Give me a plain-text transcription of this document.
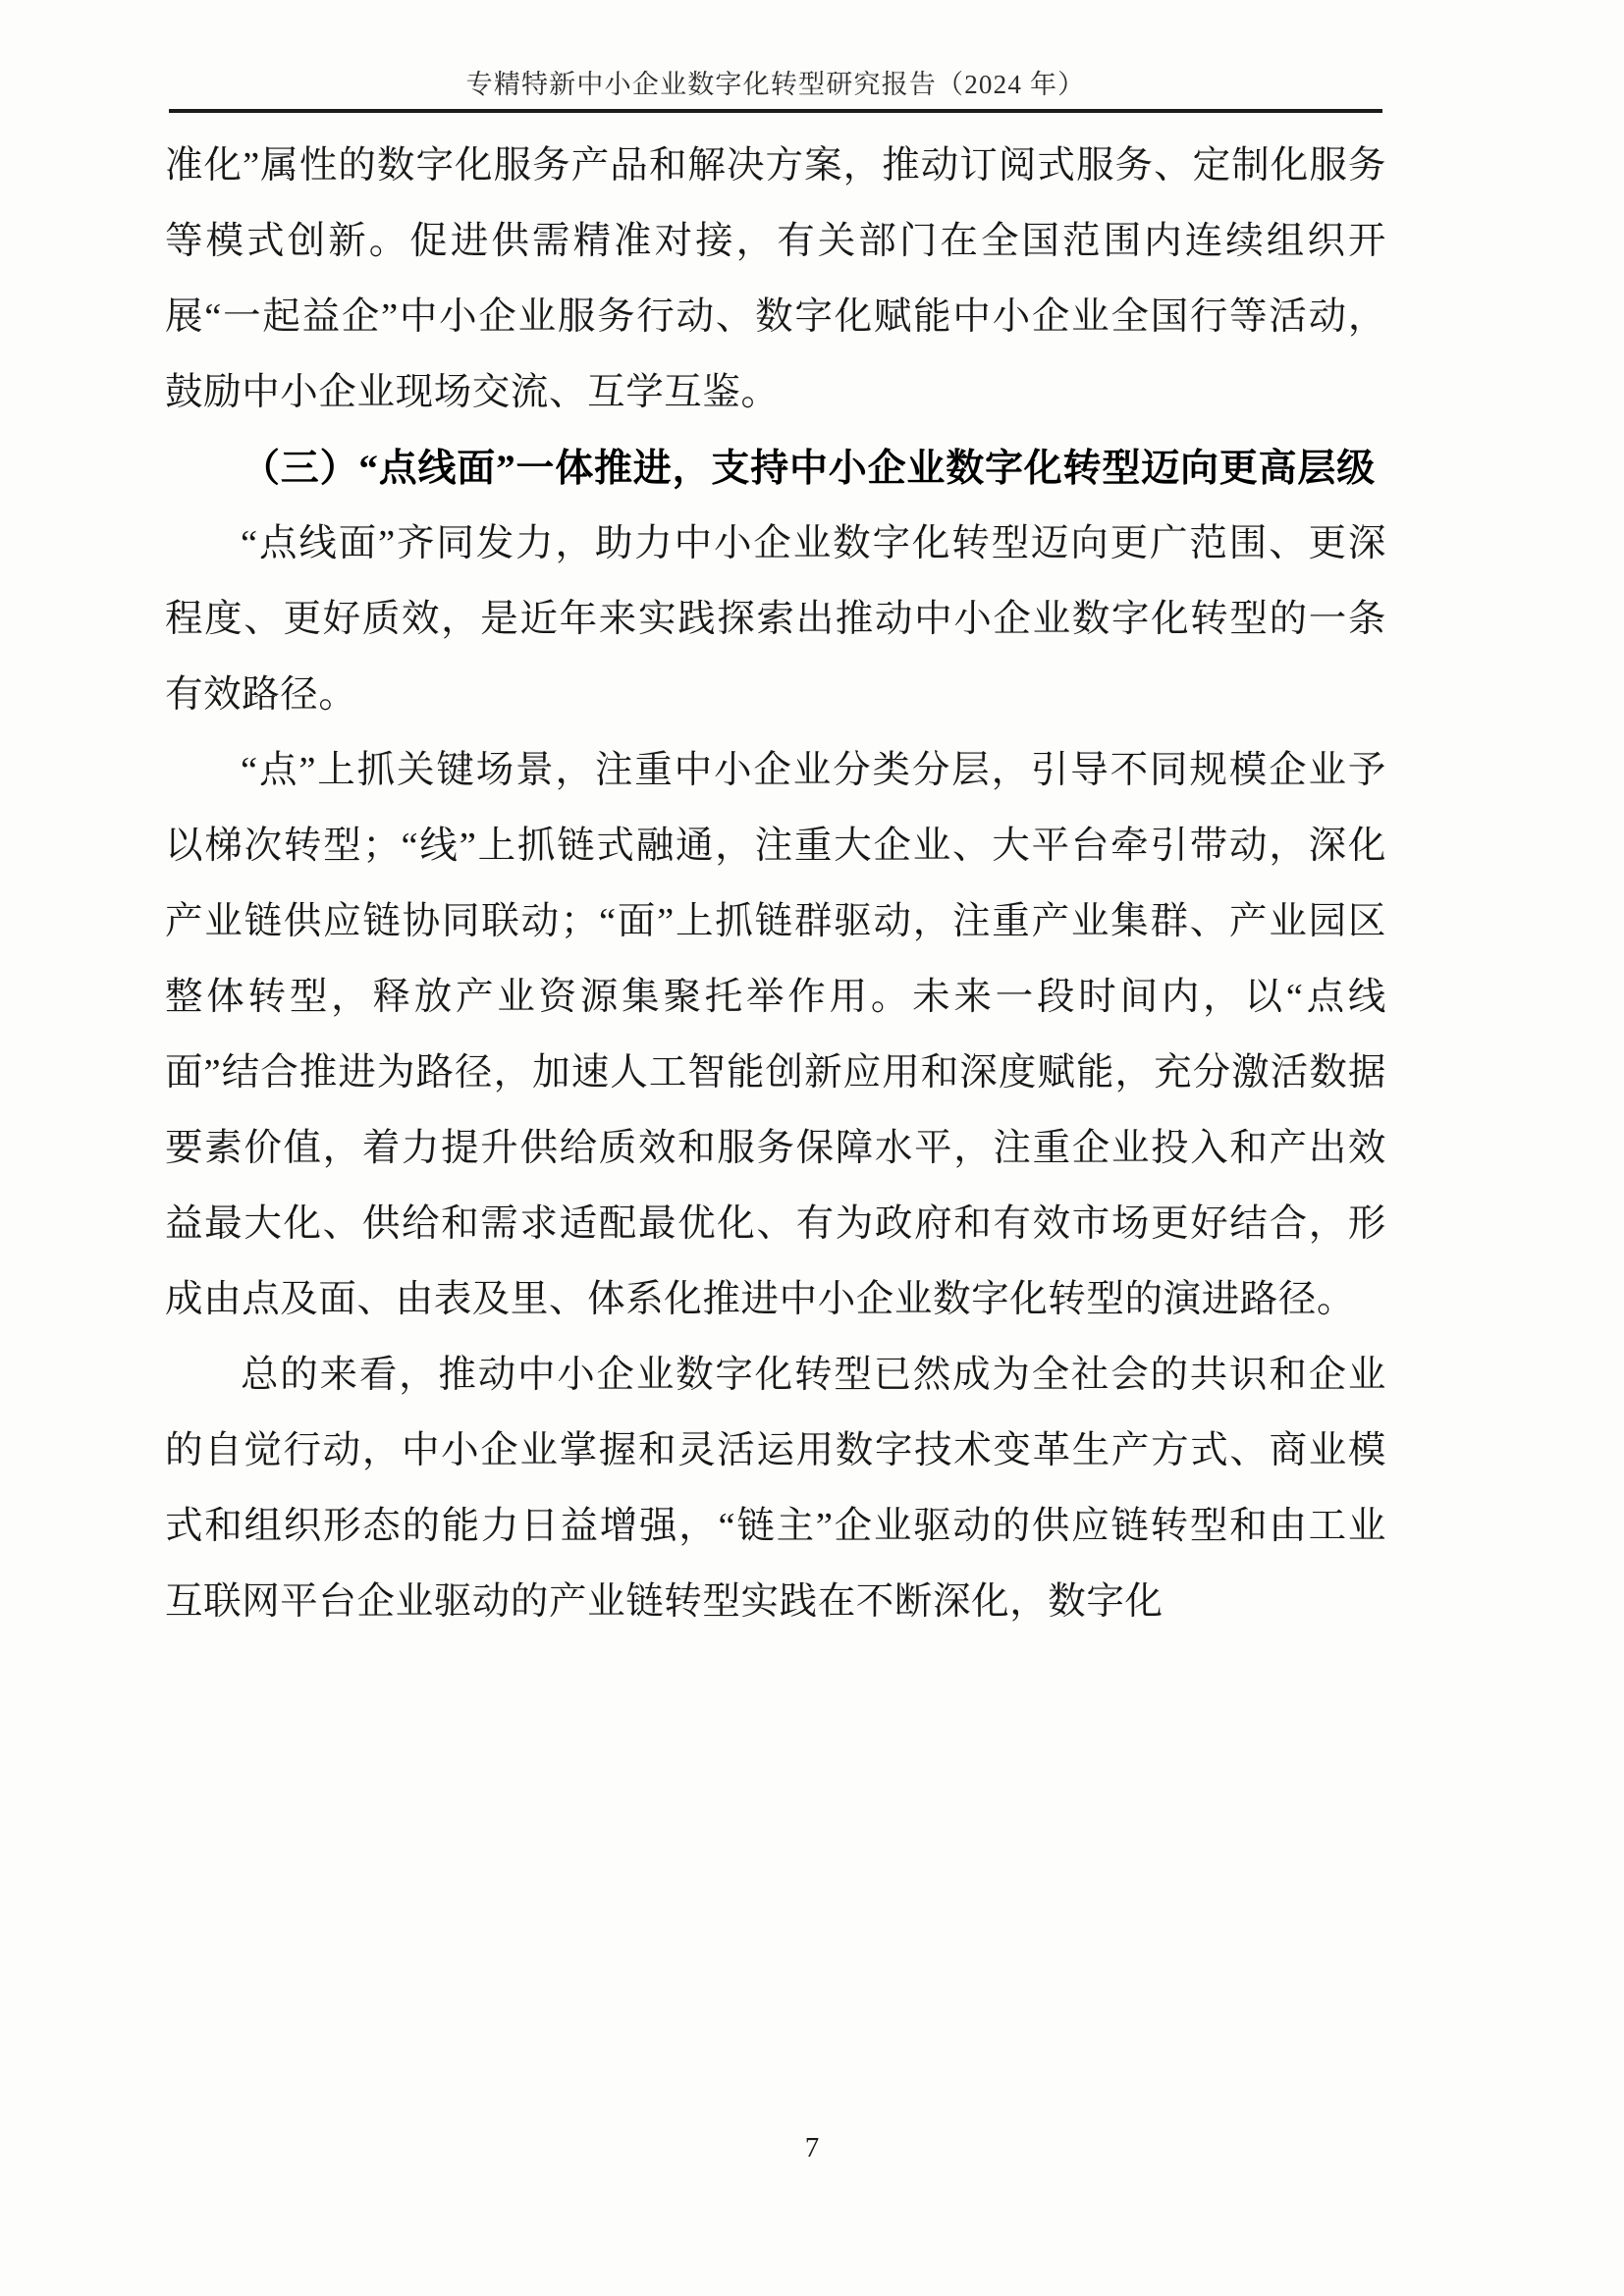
专精特新中小企业数字化转型研究报告（2024 年）

准化”属性的数字化服务产品和解决方案，推动订阅式服务、定制化服务等模式创新。促进供需精准对接，有关部门在全国范围内连续组织开展“一起益企”中小企业服务行动、数字化赋能中小企业全国行等活动，鼓励中小企业现场交流、互学互鉴。

（三）“点线面”一体推进，支持中小企业数字化转型迈向更高层级

“点线面”齐同发力，助力中小企业数字化转型迈向更广范围、更深程度、更好质效，是近年来实践探索出推动中小企业数字化转型的一条有效路径。

“点”上抓关键场景，注重中小企业分类分层，引导不同规模企业予以梯次转型；“线”上抓链式融通，注重大企业、大平台牵引带动，深化产业链供应链协同联动；“面”上抓链群驱动，注重产业集群、产业园区整体转型，释放产业资源集聚托举作用。未来一段时间内，以“点线面”结合推进为路径，加速人工智能创新应用和深度赋能，充分激活数据要素价值，着力提升供给质效和服务保障水平，注重企业投入和产出效益最大化、供给和需求适配最优化、有为政府和有效市场更好结合，形成由点及面、由表及里、体系化推进中小企业数字化转型的演进路径。

总的来看，推动中小企业数字化转型已然成为全社会的共识和企业的自觉行动，中小企业掌握和灵活运用数字技术变革生产方式、商业模式和组织形态的能力日益增强，“链主”企业驱动的供应链转型和由工业互联网平台企业驱动的产业链转型实践在不断深化，数字化

7
